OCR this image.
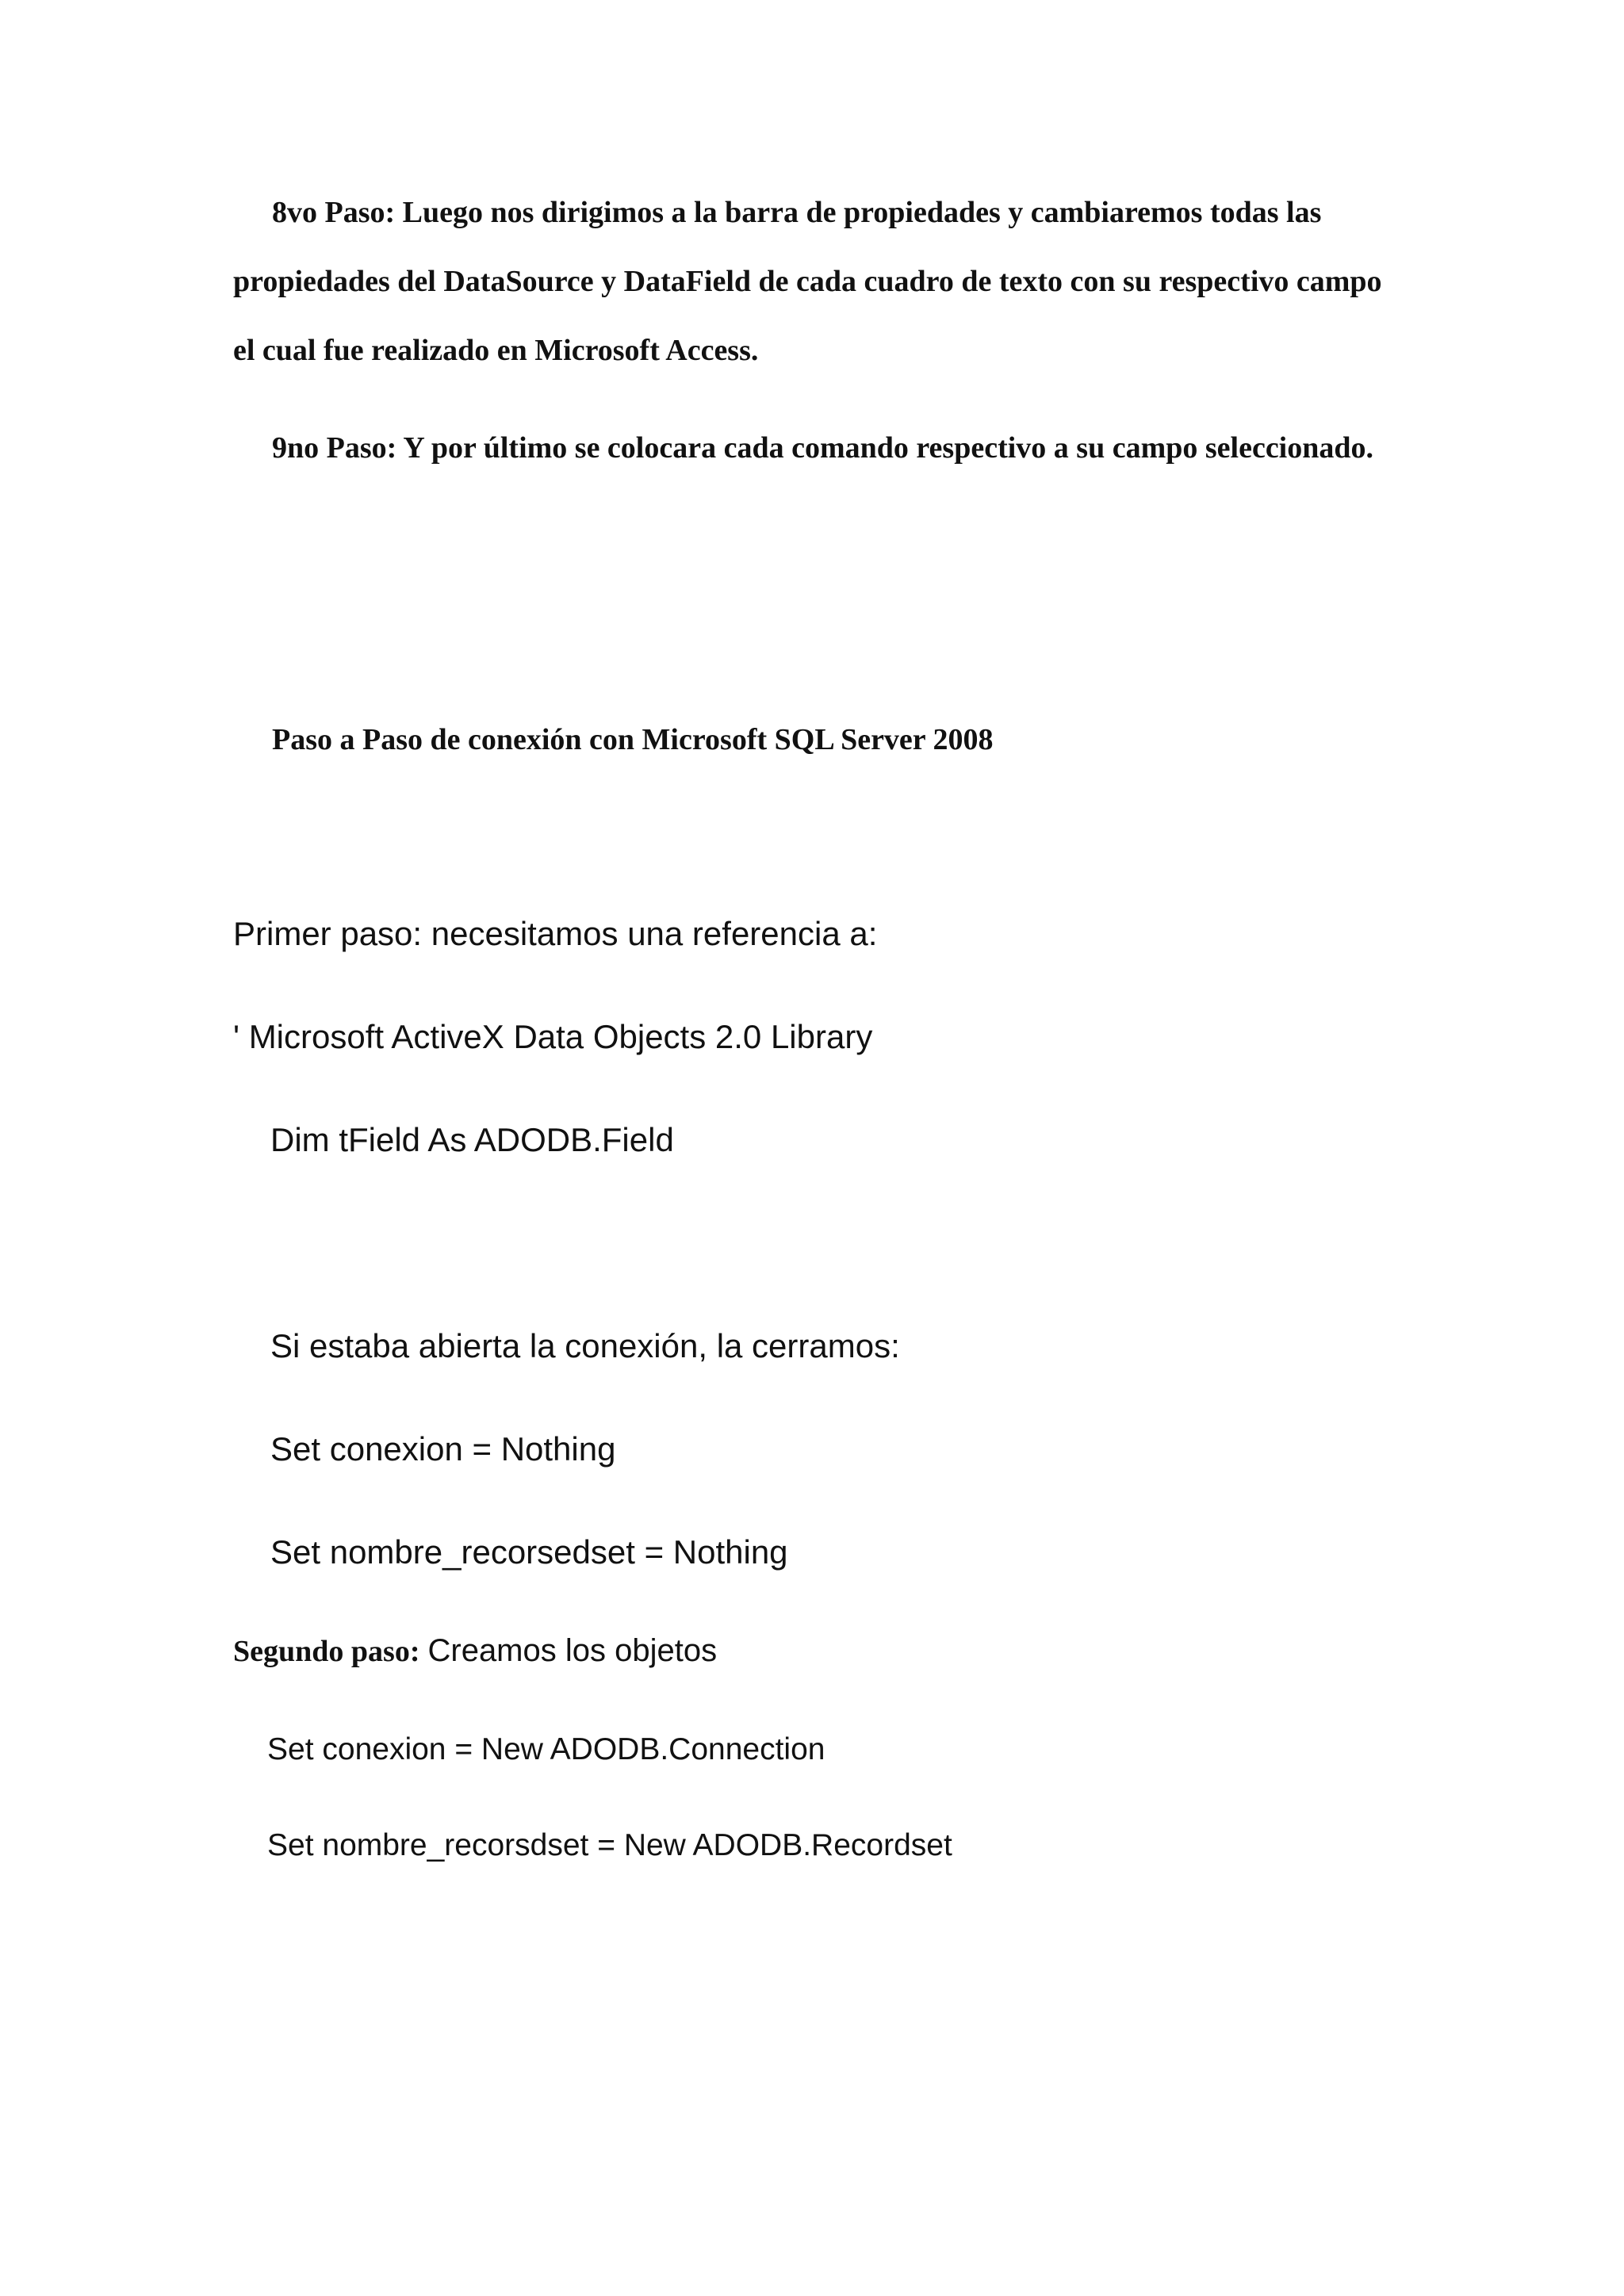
8vo Paso: Luego nos dirigimos a la barra de propiedades y cambiaremos todas las
propiedades del DataSource y DataField de cada cuadro de texto con su respectivo campo
el cual fue realizado en Microsoft Access.
9no Paso: Y por último se colocara cada comando respectivo a su campo seleccionado.
Paso a Paso de conexión con Microsoft SQL Server 2008
Primer paso: necesitamos una referencia a:
' Microsoft ActiveX Data Objects 2.0 Library
Dim tField As ADODB.Field
Si estaba abierta la conexión, la cerramos:
Set conexion = Nothing
Set nombre_recorsedset = Nothing
Segundo paso: Creamos los objetos
Set conexion = New ADODB.Connection
Set nombre_recorsdset = New ADODB.Recordset
